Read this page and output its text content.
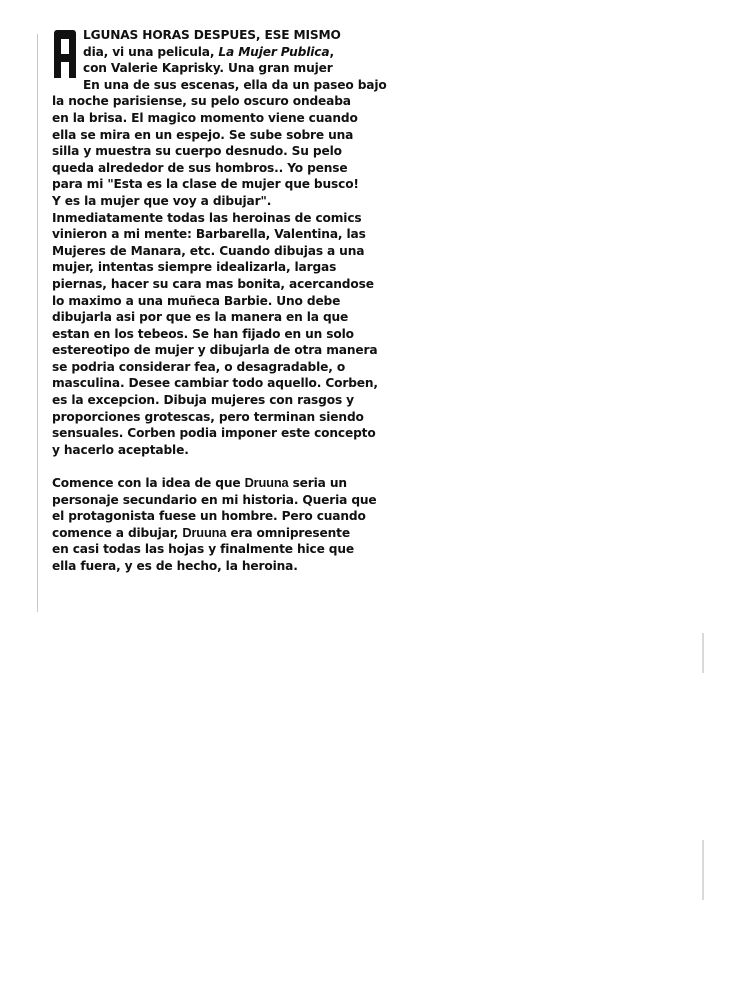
LGUNAS HORAS DESPUES, ESE MISMO
dia, vi una pelicula, La Mujer Publica,
con Valerie Kaprisky. Una gran mujer
En una de sus escenas, ella da un paseo bajo
la noche parisiense, su pelo oscuro ondeaba
en la brisa. El magico momento viene cuando
ella se mira en un espejo. Se sube sobre una
silla y muestra su cuerpo desnudo. Su pelo
queda alrededor de sus hombros.. Yo pense
para mi "Esta es la clase de mujer que busco!
Y es la mujer que voy a dibujar".
Inmediatamente todas las heroinas de comics
vinieron a mi mente: Barbarella, Valentina, las
Mujeres de Manara, etc. Cuando dibujas a una
mujer, intentas siempre idealizarla, largas
piernas, hacer su cara mas bonita, acercandose
lo maximo a una muñeca Barbie. Uno debe
dibujarla asi por que es la manera en la que
estan en los tebeos. Se han fijado en un solo
estereotipo de mujer y dibujarla de otra manera
se podria considerar fea, o desagradable, o
masculina. Desee cambiar todo aquello. Corben,
es la excepcion. Dibuja mujeres con rasgos y
proporciones grotescas, pero terminan siendo
sensuales. Corben podia imponer este concepto
y hacerlo aceptable.

Comence con la idea de que Druuna seria un
personaje secundario en mi historia. Queria que
el protagonista fuese un hombre. Pero cuando
comence a dibujar, Druuna era omnipresente
en casi todas las hojas y finalmente hice que
ella fuera, y es de hecho, la heroina.
